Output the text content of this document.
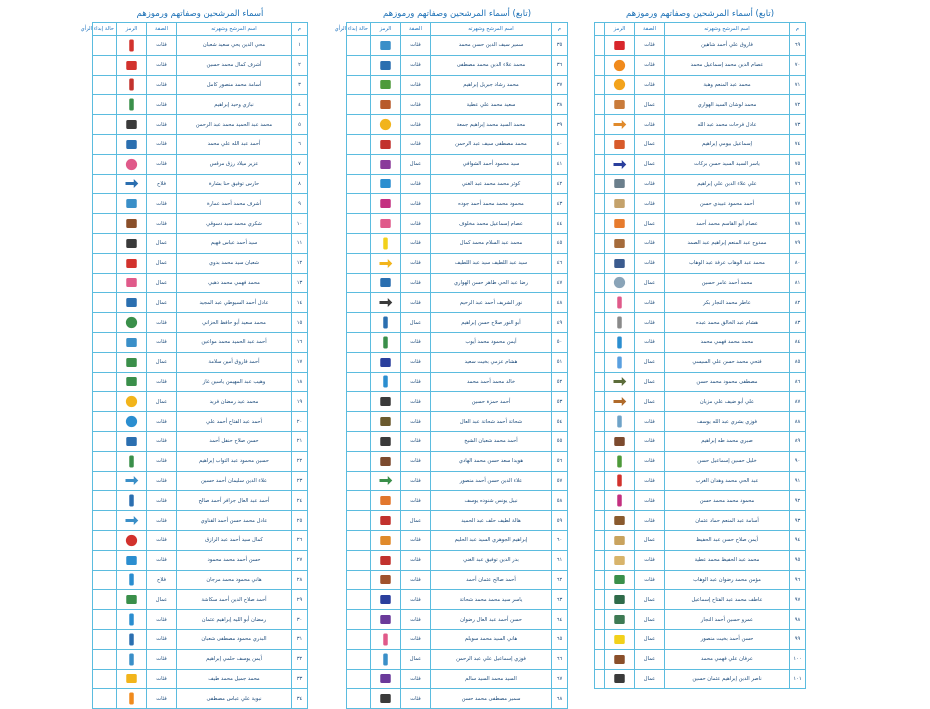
(تابع) أسماء المرشحين وصفاتهم ورموزهم
م	اسم المرشح وشهرته	الصفة	الرمز	
٦٩	فاروق علي أحمد شاهين	فئات	

٧٠	عصام الدين محمد إسماعيل محمد	فئات	

٧١	محمد عبد المنعم وهبة	فئات	

٧٢	محمد لوشان السيد الهواري	عمال	

٧٣	عادل فرحات محمد عبد الله	فئات	

٧٤	إسماعيل بيومي إبراهيم	عمال	

٧٥	ياسر السيد السيد حسن بركات	عمال	

٧٦	علي علاء الدين علي إبراهيم	فئات	

٧٧	أحمد محمود عبيدي حسن	فئات	

٧٨	عصام أبو القاسم محمد أحمد	عمال	

٧٩	ممدوح عبد المنعم إبراهيم عبد الصمد	فئات	

٨٠	محمد عبد الوهاب عرفة عبد الوهاب	فئات	

٨١	محمد أحمد عامر حسين	عمال	

٨٢	عاطر محمد النجار بكر	فئات	

٨٣	هشام عبد الخالق محمد عبده	فئات	

٨٤	محمد محمد فهمي محمد	فئات	

٨٥	فتحي محمد حسن علي السيسي	عمال	

٨٦	مصطفى محمود محمد حسن	عمال	

٨٧	علي أبو ضيف علي مزيان	عمال	

٨٨	فوزي بشري عبد الله يوسف	فئات	

٨٩	صبري محمد طه إبراهيم	فئات	

٩٠	خليل حسين إسماعيل حسن	فئات	

٩١	عبد الحي محمد وهدان الغرب	فئات	

٩٢	محمود محمد محمد حسن	فئات	

٩٣	أسامة عبد المنعم حماد عثمان	فئات	

٩٤	أيمن صلاح حسن عبد الحفيظ	عمال	

٩٥	محمد عبد الحفيظ محمد عطية	فئات	

٩٦	مؤمن محمد رضوان عبد الوهاب	فئات	

٩٧	عاطف محمد عبد الفتاح إسماعيل	عمال	

٩٨	عمرو حسين أحمد النجار	عمال	

٩٩	حسن أحمد بخيت منصور	عمال	

١٠٠	عرفان علي فهمي محمد	عمال	

١٠١	ناصر الدين إبراهيم عثمان حسين	عمال	

(تابع) أسماء المرشحين وصفاتهم ورموزهم
م	اسم المرشح وشهرته	الصفة	الرمز	حالة إبداء الرأي
٣٥	سمير سيف الدين حسن محمد	فئات	

٣٦	محمد علاء الدين محمد مصطفى	فئات	

٣٧	محمد رشاد جبريل إبراهيم	فئات	

٣٨	سعيد محمد علي عطية	فئات	

٣٩	محمد السيد محمد إبراهيم جمعة	فئات	

٤٠	محمد مصطفى سيف عبد الرحمن	فئات	

٤١	سيد محمود أحمد الشوافي	عمال	

٤٢	كوثر محمد محمد عبد الغني	فئات	

٤٣	محمود محمد محمد أحمد جوده	فئات	

٤٤	عصام إسماعيل محمد مخلوف	فئات	

٤٥	محمد عبد السلام محمد كمال	فئات	

٤٦	سيد عبد اللطيف سيد عبد اللطيف	فئات	

٤٧	رضا عبد الحي طاهر حسن الهواري	فئات	

٤٨	نور الشريف أحمد عبد الرحيم	فئات	

٤٩	أبو النور صلاح حسن إبراهيم	عمال	

٥٠	أيمن محمود محمد أيوب	فئات	

٥١	هشام عزمي بخيت سعيد	فئات	

٥٢	خالد محمد أحمد محمد	فئات	

٥٣	أحمد حمزة حسين	فئات	

٥٤	شحاتة أحمد شحاتة عبد العال	فئات	

٥٥	أحمد محمد شعبان الشيخ	فئات	

٥٦	هويدا سعد حسن محمد الهادي	فئات	

٥٧	علاء الدين حسن أحمد منصور	فئات	

٥٨	نبيل يونس شنوده يوسف	فئات	

٥٩	هالة لطيف حلف عبد الحميد	عمال	

٦٠	إبراهيم الجوهري السيد عبد الحليم	فئات	

٦١	بدر الدين توفيق عبد الغني	فئات	

٦٢	أحمد صالح عثمان أحمد	فئات	

٦٣	ياسر سيد محمد محمد شحاتة	فئات	

٦٤	حسن أحمد عبد العال رضوان	فئات	

٦٥	هاني السيد محمد سويلم	فئات	

٦٦	فوزي إسماعيل علي عبد الرحمن	عمال	

٦٧	السيد محمد السيد سالم	فئات	

٦٨	سمير مصطفى محمد حسن	فئات	

أسماء المرشحين وصفاتهم ورموزهم
م	اسم المرشح وشهرته	الصفة	الرمز	حالة إبداء الرأي
١	محي الدين يحي سعيد شعبان	فئات	

٢	أشرف كمال محمد حسين	فئات	

٣	أسامة محمد منصور كامل	فئات	

٤	نبازي وحيد إبراهيم	فئات	

٥	محمد عبد الحميد محمد عبد الرحمن	فئات	

٦	أحمد عبد الله علي محمد	فئات	

٧	عزير ميلاد رزق مرقس	فئات	

٨	حارس توفيق حنا بشارة	فلاح	

٩	أشرف محمد أحمد عمارة	فئات	

١٠	شكري محمد سيد دسوقي	فئات	

١١	سيد أحمد عباس فهيم	عمال	

١٢	شعبان سيد محمد بدوي	عمال	

١٣	محمد فهمي محمد ذهبي	عمال	

١٤	عادل أحمد السيوطي عبد المجيد	عمال	

١٥	محمد سعيد أبو حافظ الحزاني	فئات	

١٦	أحمد عبد الحميد محمد مواعين	فئات	

١٧	أحمد فاروق أمين سلامة	عمال	

١٨	وهيب عبد المهيمن ياسين غاز	فئات	

١٩	محمد عيد رمضان فريد	عمال	

٢٠	أحمد عبد الفتاح أحمد علي	فئات	

٢١	حسن صلاح حنفل أحمد	فئات	

٢٢	حسين محمود عبد التواب إبراهيم	فئات	

٢٣	علاء الدين سليمان أحمد حسين	فئات	

٢٤	أحمد عبد العال جرافر أحمد صالح	فئات	

٢٥	عادل محمد حسن أحمد القناوي	فئات	

٢٦	كمال سيد أحمد عبد الرازق	فئات	

٢٧	حسن أحمد محمد محمود	فئات	

٢٨	هاني محمود محمد مرجان	فلاح	

٢٩	أحمد صلاح الدين أحمد سكاشة	عمال	

٣٠	رمضان أبو الليه إبراهيم عثمان	فئات	

٣١	البدري محمود مصطفى شعبان	فئات	

٣٢	أيمن يوسف حلمي إبراهيم	فئات	

٣٣	محمد جميل محمد طيف	فئات	

٣٤	نبوية علي عباس مصطفى	فئات	
